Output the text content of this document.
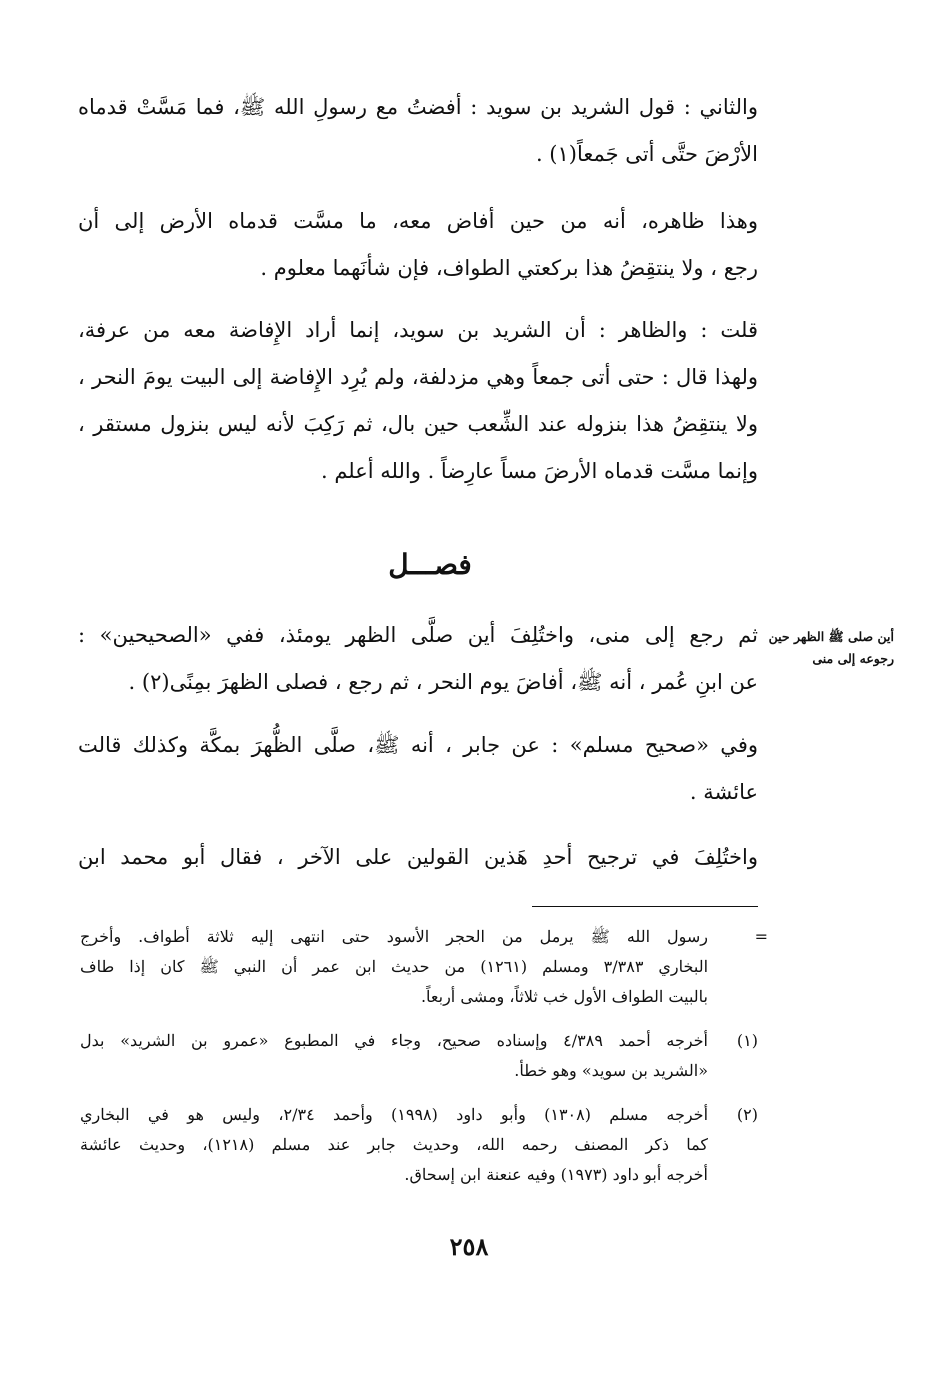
والثاني : قول الشريد بن سويد : أفضتُ مع رسولِ الله ﷺ، فما مَسَّتْ قدماه
الأرْضَ حتَّى أتى جَمعاً(١) .
وهذا ظاهره، أنه من حين أفاض معه، ما مسَّت قدماه الأرض إلى أن
رجع ، ولا ينتقِضُ هذا بركعتي الطواف، فإن شأنَهما معلوم .
قلت : والظاهر : أن الشريد بن سويد، إنما أراد الإِفاضة معه من عرفة،
ولهذا قال : حتى أتى جمعاً وهي مزدلفة، ولم يُرِد الإِفاضة إلى البيت يومَ النحر ،
ولا ينتقِضُ هذا بنزوله عند الشِّعب حين بال، ثم رَكِبَ لأنه ليس بنزول مستقر ،
وإنما مسَّت قدماه الأرضَ مساً عارِضاً . والله أعلم .
فصـــل
أين صلى ﷺ الظهر حين
رجوعه إلى منى
ثم رجع إلى منى، واختُلِفَ أين صلَّى الظهر يومئذ، ففي «الصحيحين» :
عن ابنِ عُمر ، أنه ﷺ، أفاضَ يوم النحر ، ثم رجع ، فصلى الظهرَ بمِنًى(٢) .
وفي «صحيح مسلم» : عن جابر ، أنه ﷺ، صلَّى الظُّهرَ بمكَّة وكذلك قالت
عائشة .
واختُلِفَ في ترجيح أحدِ هَذين القولين على الآخر ، فقال أبو محمد ابن
=
رسول الله ﷺ يرمل من الحجر الأسود حتى انتهى إليه ثلاثة أطواف. وأخرج
البخاري ٣/٣٨٣ ومسلم (١٢٦١) من حديث ابن عمر أن النبي ﷺ كان إذا طاف
بالبيت الطواف الأول خب ثلاثاً، ومشى أربعاً.
(١)
أخرجه أحمد ٤/٣٨٩ وإسناده صحيح، وجاء في المطبوع «عمرو بن الشريد» بدل
«الشريد بن سويد» وهو خطأ.
(٢)
أخرجه مسلم (١٣٠٨) وأبو داود (١٩٩٨) وأحمد ٢/٣٤، وليس هو في البخاري
كما ذكر المصنف رحمه الله، وحديث جابر عند مسلم (١٢١٨)، وحديث عائشة
أخرجه أبو داود (١٩٧٣) وفيه عنعنة ابن إسحاق.
٢٥٨
